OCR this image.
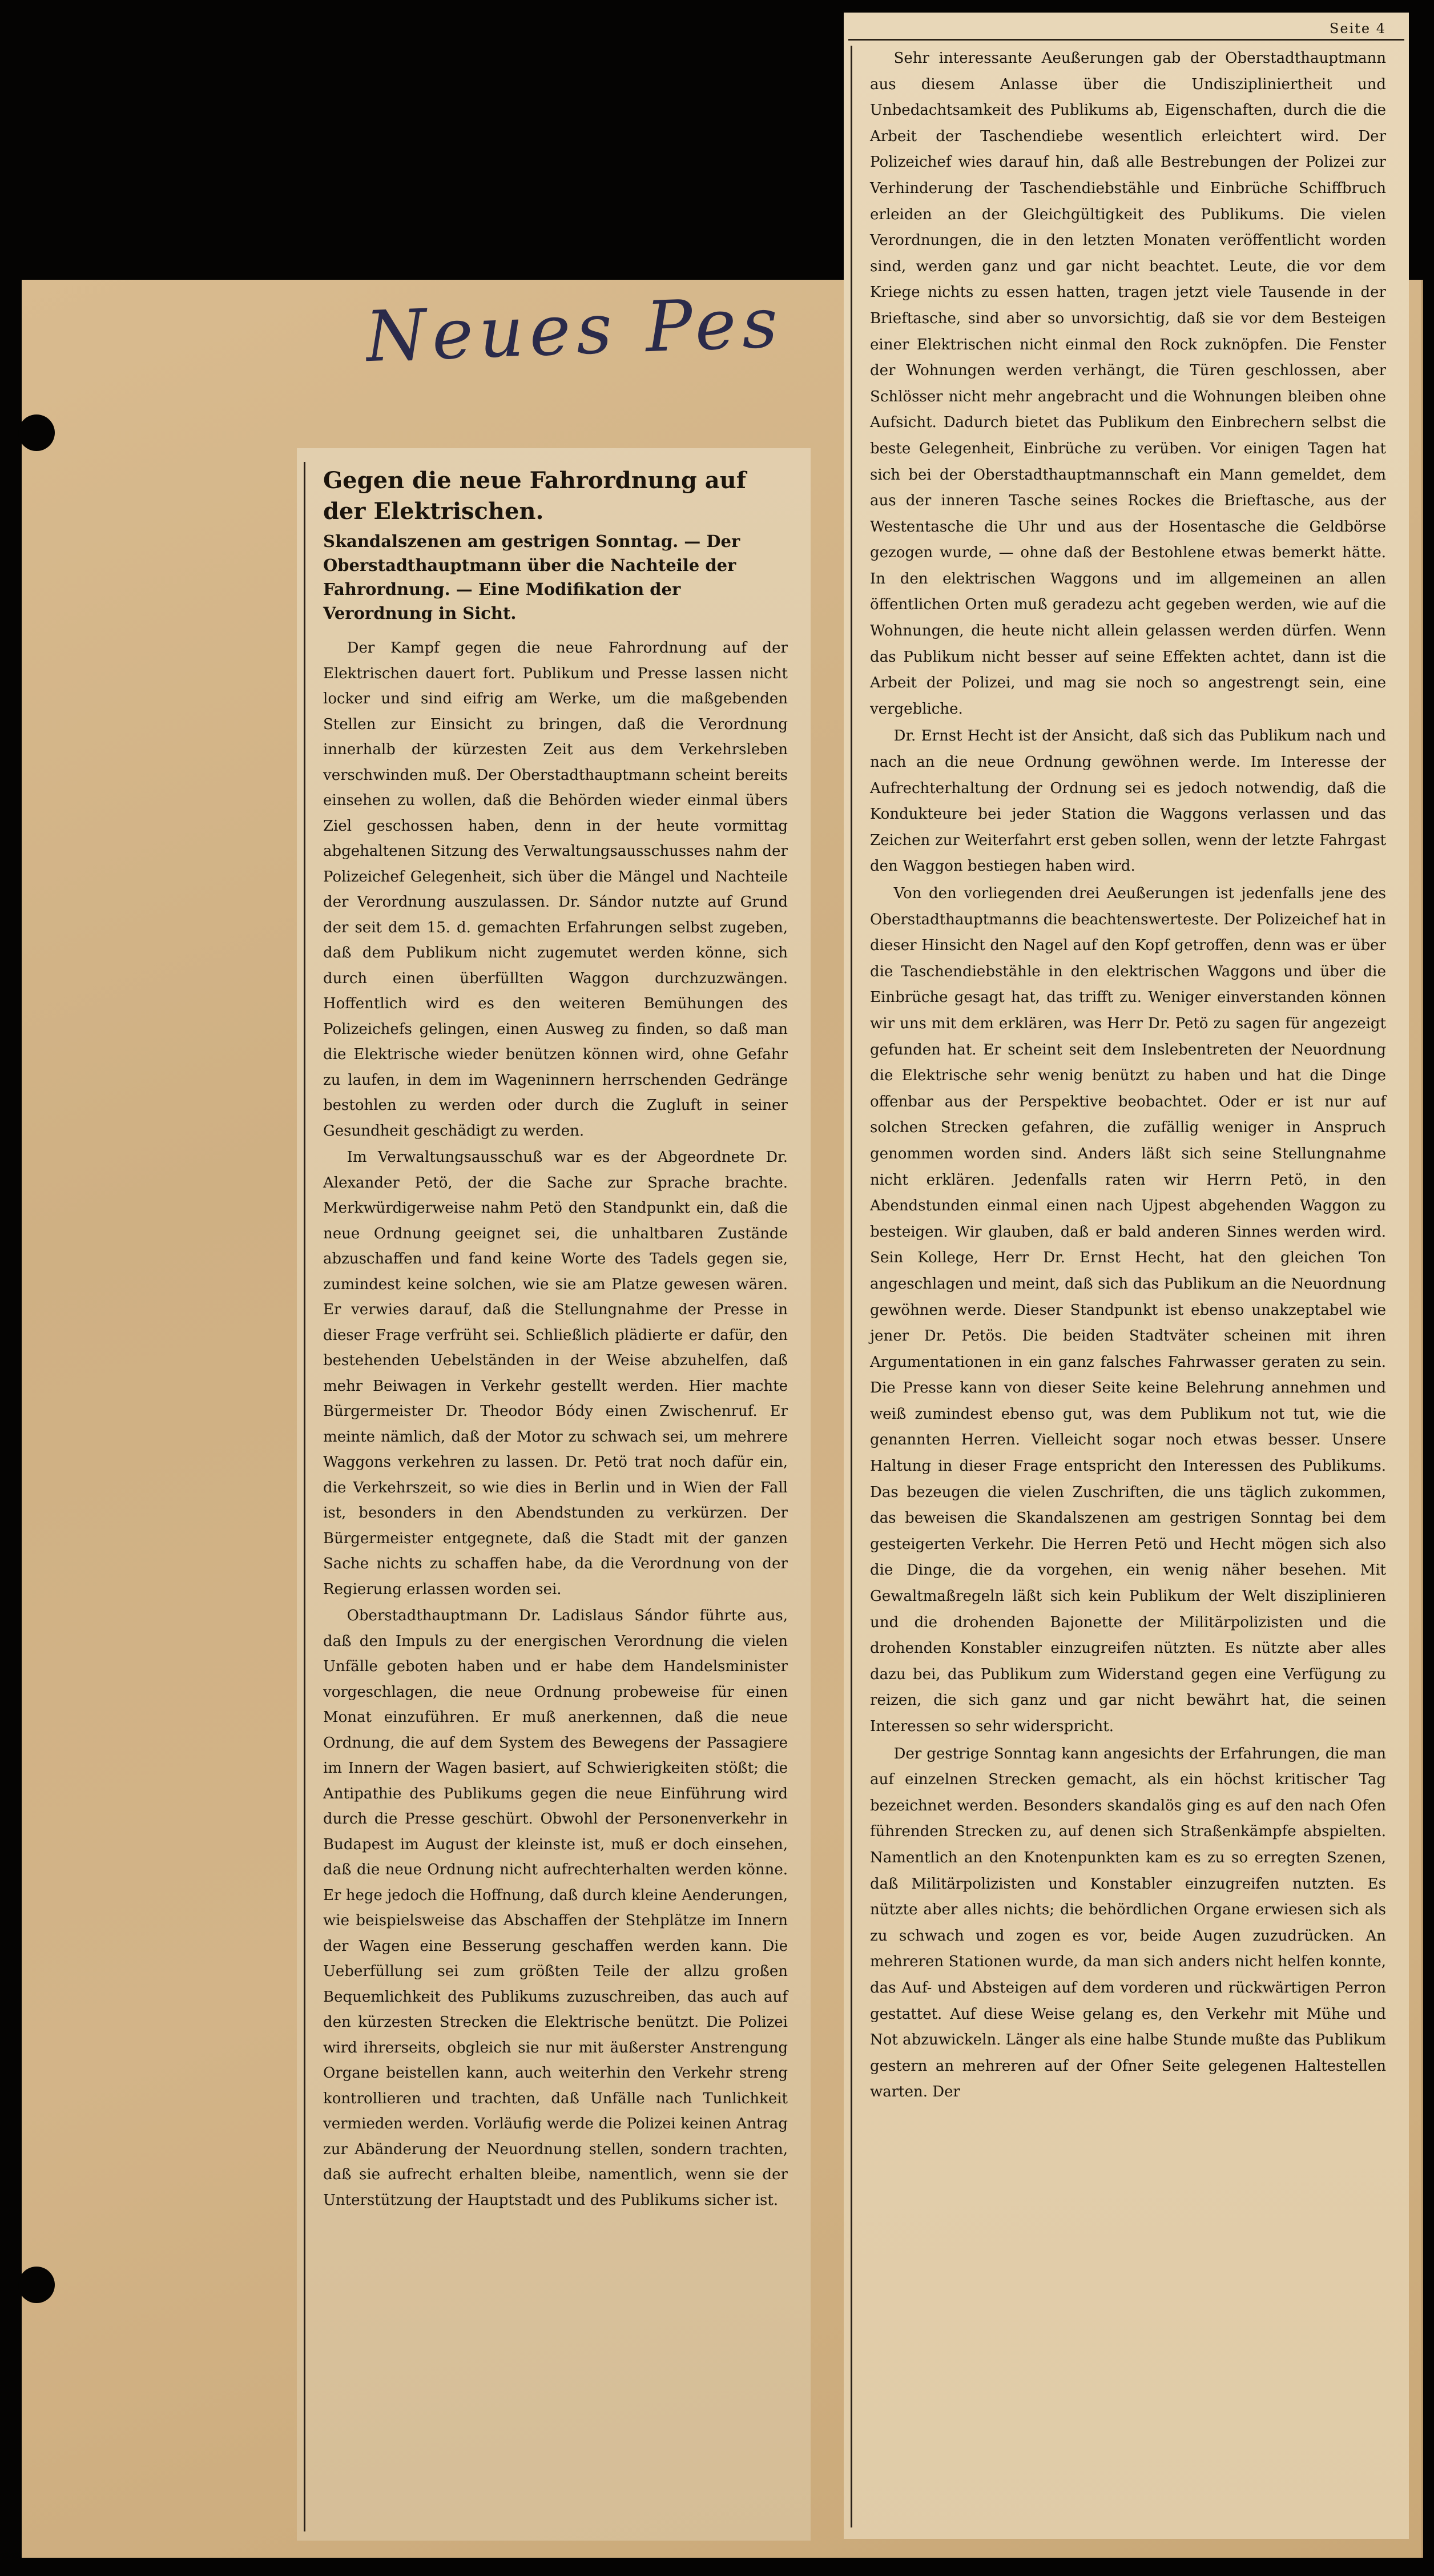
Neues Pes
Gegen die neue Fahrordnung auf der Elektrischen.
Skandalszenen am gestrigen Sonntag. — Der Oberstadthauptmann über die Nachteile der Fahrordnung. — Eine Modifikation der Verordnung in Sicht.

Der Kampf gegen die neue Fahrordnung auf der Elektrischen dauert fort. Publikum und Presse lassen nicht locker und sind eifrig am Werke, um die maßgebenden Stellen zur Einsicht zu bringen, daß die Verordnung innerhalb der kürzesten Zeit aus dem Verkehrsleben verschwinden muß. Der Oberstadthauptmann scheint bereits einsehen zu wollen, daß die Behörden wieder einmal übers Ziel geschossen haben, denn in der heute vormittag abgehaltenen Sitzung des Verwaltungsausschusses nahm der Polizeichef Gelegenheit, sich über die Mängel und Nachteile der Verordnung auszulassen. Dr. Sándor nutzte auf Grund der seit dem 15. d. gemachten Erfahrungen selbst zugeben, daß dem Publikum nicht zugemutet werden könne, sich durch einen überfüllten Waggon durchzuzwängen. Hoffentlich wird es den weiteren Bemühungen des Polizeichefs gelingen, einen Ausweg zu finden, so daß man die Elektrische wieder benützen können wird, ohne Gefahr zu laufen, in dem im Wageninnern herrschenden Gedränge bestohlen zu werden oder durch die Zugluft in seiner Gesundheit geschädigt zu werden.

Im Verwaltungsausschuß war es der Abgeordnete Dr. Alexander Petö, der die Sache zur Sprache brachte. Merkwürdigerweise nahm Petö den Standpunkt ein, daß die neue Ordnung geeignet sei, die unhaltbaren Zustände abzuschaffen und fand keine Worte des Tadels gegen sie, zumindest keine solchen, wie sie am Platze gewesen wären. Er verwies darauf, daß die Stellungnahme der Presse in dieser Frage verfrüht sei. Schließlich plädierte er dafür, den bestehenden Uebelständen in der Weise abzuhelfen, daß mehr Beiwagen in Verkehr gestellt werden. Hier machte Bürgermeister Dr. Theodor Bódy einen Zwischenruf. Er meinte nämlich, daß der Motor zu schwach sei, um mehrere Waggons verkehren zu lassen. Dr. Petö trat noch dafür ein, die Verkehrszeit, so wie dies in Berlin und in Wien der Fall ist, besonders in den Abendstunden zu verkürzen. Der Bürgermeister entgegnete, daß die Stadt mit der ganzen Sache nichts zu schaffen habe, da die Verordnung von der Regierung erlassen worden sei.

Oberstadthauptmann Dr. Ladislaus Sándor führte aus, daß den Impuls zu der energischen Verordnung die vielen Unfälle geboten haben und er habe dem Handelsminister vorgeschlagen, die neue Ordnung probeweise für einen Monat einzuführen. Er muß anerkennen, daß die neue Ordnung, die auf dem System des Bewegens der Passagiere im Innern der Wagen basiert, auf Schwierigkeiten stößt; die Antipathie des Publikums gegen die neue Einführung wird durch die Presse geschürt. Obwohl der Personenverkehr in Budapest im August der kleinste ist, muß er doch einsehen, daß die neue Ordnung nicht aufrechterhalten werden könne. Er hege jedoch die Hoffnung, daß durch kleine Aenderungen, wie beispielsweise das Abschaffen der Stehplätze im Innern der Wagen eine Besserung geschaffen werden kann. Die Ueberfüllung sei zum größten Teile der allzu großen Bequemlichkeit des Publikums zuzuschreiben, das auch auf den kürzesten Strecken die Elektrische benützt. Die Polizei wird ihrerseits, obgleich sie nur mit äußerster Anstrengung Organe beistellen kann, auch weiterhin den Verkehr streng kontrollieren und trachten, daß Unfälle nach Tunlichkeit vermieden werden. Vorläufig werde die Polizei keinen Antrag zur Abänderung der Neuordnung stellen, sondern trachten, daß sie aufrecht erhalten bleibe, namentlich, wenn sie der Unterstützung der Hauptstadt und des Publikums sicher ist.

Seite 4

Sehr interessante Aeußerungen gab der Oberstadthauptmann aus diesem Anlasse über die Undiszipliniertheit und Unbedachtsamkeit des Publikums ab, Eigenschaften, durch die die Arbeit der Taschendiebe wesentlich erleichtert wird. Der Polizeichef wies darauf hin, daß alle Bestrebungen der Polizei zur Verhinderung der Taschendiebstähle und Einbrüche Schiffbruch erleiden an der Gleichgültigkeit des Publikums. Die vielen Verordnungen, die in den letzten Monaten veröffentlicht worden sind, werden ganz und gar nicht beachtet. Leute, die vor dem Kriege nichts zu essen hatten, tragen jetzt viele Tausende in der Brieftasche, sind aber so unvorsichtig, daß sie vor dem Besteigen einer Elektrischen nicht einmal den Rock zuknöpfen. Die Fenster der Wohnungen werden verhängt, die Türen geschlossen, aber Schlösser nicht mehr angebracht und die Wohnungen bleiben ohne Aufsicht. Dadurch bietet das Publikum den Einbrechern selbst die beste Gelegenheit, Einbrüche zu verüben. Vor einigen Tagen hat sich bei der Oberstadthauptmannschaft ein Mann gemeldet, dem aus der inneren Tasche seines Rockes die Brieftasche, aus der Westentasche die Uhr und aus der Hosentasche die Geldbörse gezogen wurde, — ohne daß der Bestohlene etwas bemerkt hätte. In den elektrischen Waggons und im allgemeinen an allen öffentlichen Orten muß geradezu acht gegeben werden, wie auf die Wohnungen, die heute nicht allein gelassen werden dürfen. Wenn das Publikum nicht besser auf seine Effekten achtet, dann ist die Arbeit der Polizei, und mag sie noch so angestrengt sein, eine vergebliche.

Dr. Ernst Hecht ist der Ansicht, daß sich das Publikum nach und nach an die neue Ordnung gewöhnen werde. Im Interesse der Aufrechterhaltung der Ordnung sei es jedoch notwendig, daß die Kondukteure bei jeder Station die Waggons verlassen und das Zeichen zur Weiterfahrt erst geben sollen, wenn der letzte Fahrgast den Waggon bestiegen haben wird.

Von den vorliegenden drei Aeußerungen ist jedenfalls jene des Oberstadthauptmanns die beachtenswerteste. Der Polizeichef hat in dieser Hinsicht den Nagel auf den Kopf getroffen, denn was er über die Taschendiebstähle in den elektrischen Waggons und über die Einbrüche gesagt hat, das trifft zu. Weniger einverstanden können wir uns mit dem erklären, was Herr Dr. Petö zu sagen für angezeigt gefunden hat. Er scheint seit dem Inslebentreten der Neuordnung die Elektrische sehr wenig benützt zu haben und hat die Dinge offenbar aus der Perspektive beobachtet. Oder er ist nur auf solchen Strecken gefahren, die zufällig weniger in Anspruch genommen worden sind. Anders läßt sich seine Stellungnahme nicht erklären. Jedenfalls raten wir Herrn Petö, in den Abendstunden einmal einen nach Ujpest abgehenden Waggon zu besteigen. Wir glauben, daß er bald anderen Sinnes werden wird. Sein Kollege, Herr Dr. Ernst Hecht, hat den gleichen Ton angeschlagen und meint, daß sich das Publikum an die Neuordnung gewöhnen werde. Dieser Standpunkt ist ebenso unakzeptabel wie jener Dr. Petös. Die beiden Stadtväter scheinen mit ihren Argumentationen in ein ganz falsches Fahrwasser geraten zu sein. Die Presse kann von dieser Seite keine Belehrung annehmen und weiß zumindest ebenso gut, was dem Publikum not tut, wie die genannten Herren. Vielleicht sogar noch etwas besser. Unsere Haltung in dieser Frage entspricht den Interessen des Publikums. Das bezeugen die vielen Zuschriften, die uns täglich zukommen, das beweisen die Skandalszenen am gestrigen Sonntag bei dem gesteigerten Verkehr. Die Herren Petö und Hecht mögen sich also die Dinge, die da vorgehen, ein wenig näher besehen. Mit Gewaltmaßregeln läßt sich kein Publikum der Welt disziplinieren und die drohenden Bajonette der Militärpolizisten und die drohenden Konstabler einzugreifen nützten. Es nützte aber alles dazu bei, das Publikum zum Widerstand gegen eine Verfügung zu reizen, die sich ganz und gar nicht bewährt hat, die seinen Interessen so sehr widerspricht.

Der gestrige Sonntag kann angesichts der Erfahrungen, die man auf einzelnen Strecken gemacht, als ein höchst kritischer Tag bezeichnet werden. Besonders skandalös ging es auf den nach Ofen führenden Strecken zu, auf denen sich Straßenkämpfe abspielten. Namentlich an den Knotenpunkten kam es zu so erregten Szenen, daß Militärpolizisten und Konstabler einzugreifen nutzten. Es nützte aber alles nichts; die behördlichen Organe erwiesen sich als zu schwach und zogen es vor, beide Augen zuzudrücken. An mehreren Stationen wurde, da man sich anders nicht helfen konnte, das Auf- und Absteigen auf dem vorderen und rückwärtigen Perron gestattet. Auf diese Weise gelang es, den Verkehr mit Mühe und Not abzuwickeln. Länger als eine halbe Stunde mußte das Publikum gestern an mehreren auf der Ofner Seite gelegenen Haltestellen warten. Der
